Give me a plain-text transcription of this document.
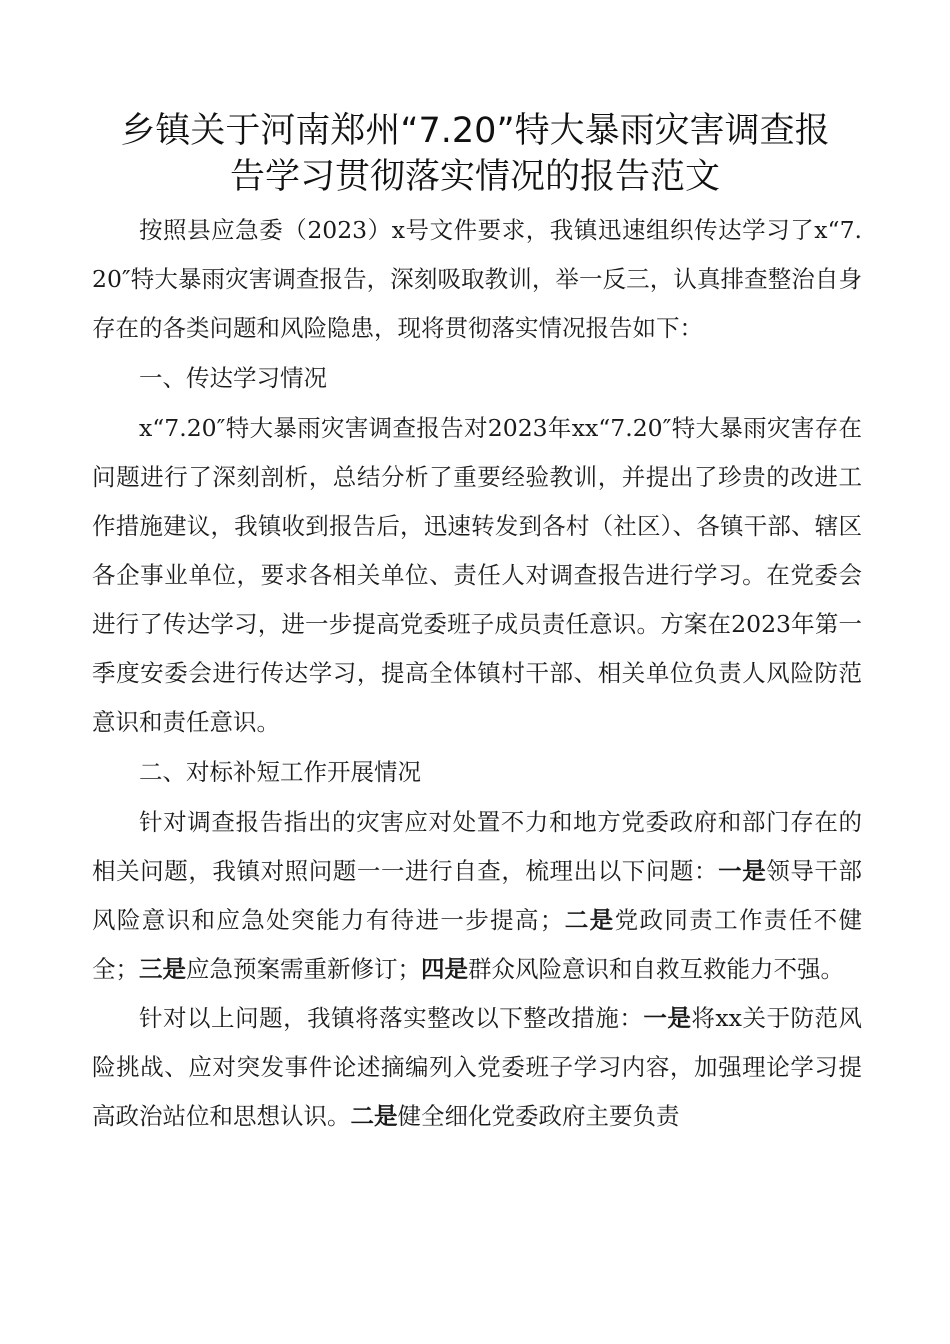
乡镇关于河南郑州“7.20”特大暴雨灾害调查报
告学习贯彻落实情况的报告范文

按照县应急委（2023）x号文件要求，我镇迅速组织传达学习了x“7.20″特大暴雨灾害调查报告，深刻吸取教训，举一反三，认真排查整治自身存在的各类问题和风险隐患，现将贯彻落实情况报告如下：

一、传达学习情况

x“7.20″特大暴雨灾害调查报告对2023年xx“7.20″特大暴雨灾害存在问题进行了深刻剖析，总结分析了重要经验教训，并提出了珍贵的改进工作措施建议，我镇收到报告后，迅速转发到各村（社区）、各镇干部、辖区各企事业单位，要求各相关单位、责任人对调查报告进行学习。在党委会进行了传达学习，进一步提高党委班子成员责任意识。方案在2023年第一季度安委会进行传达学习，提高全体镇村干部、相关单位负责人风险防范意识和责任意识。

二、对标补短工作开展情况

针对调查报告指出的灾害应对处置不力和地方党委政府和部门存在的相关问题，我镇对照问题一一进行自查，梳理出以下问题：一是领导干部风险意识和应急处突能力有待进一步提高；二是党政同责工作责任不健全；三是应急预案需重新修订；四是群众风险意识和自救互救能力不强。

针对以上问题，我镇将落实整改以下整改措施：一是将xx关于防范风险挑战、应对突发事件论述摘编列入党委班子学习内容，加强理论学习提高政治站位和思想认识。二是健全细化党委政府主要负责
